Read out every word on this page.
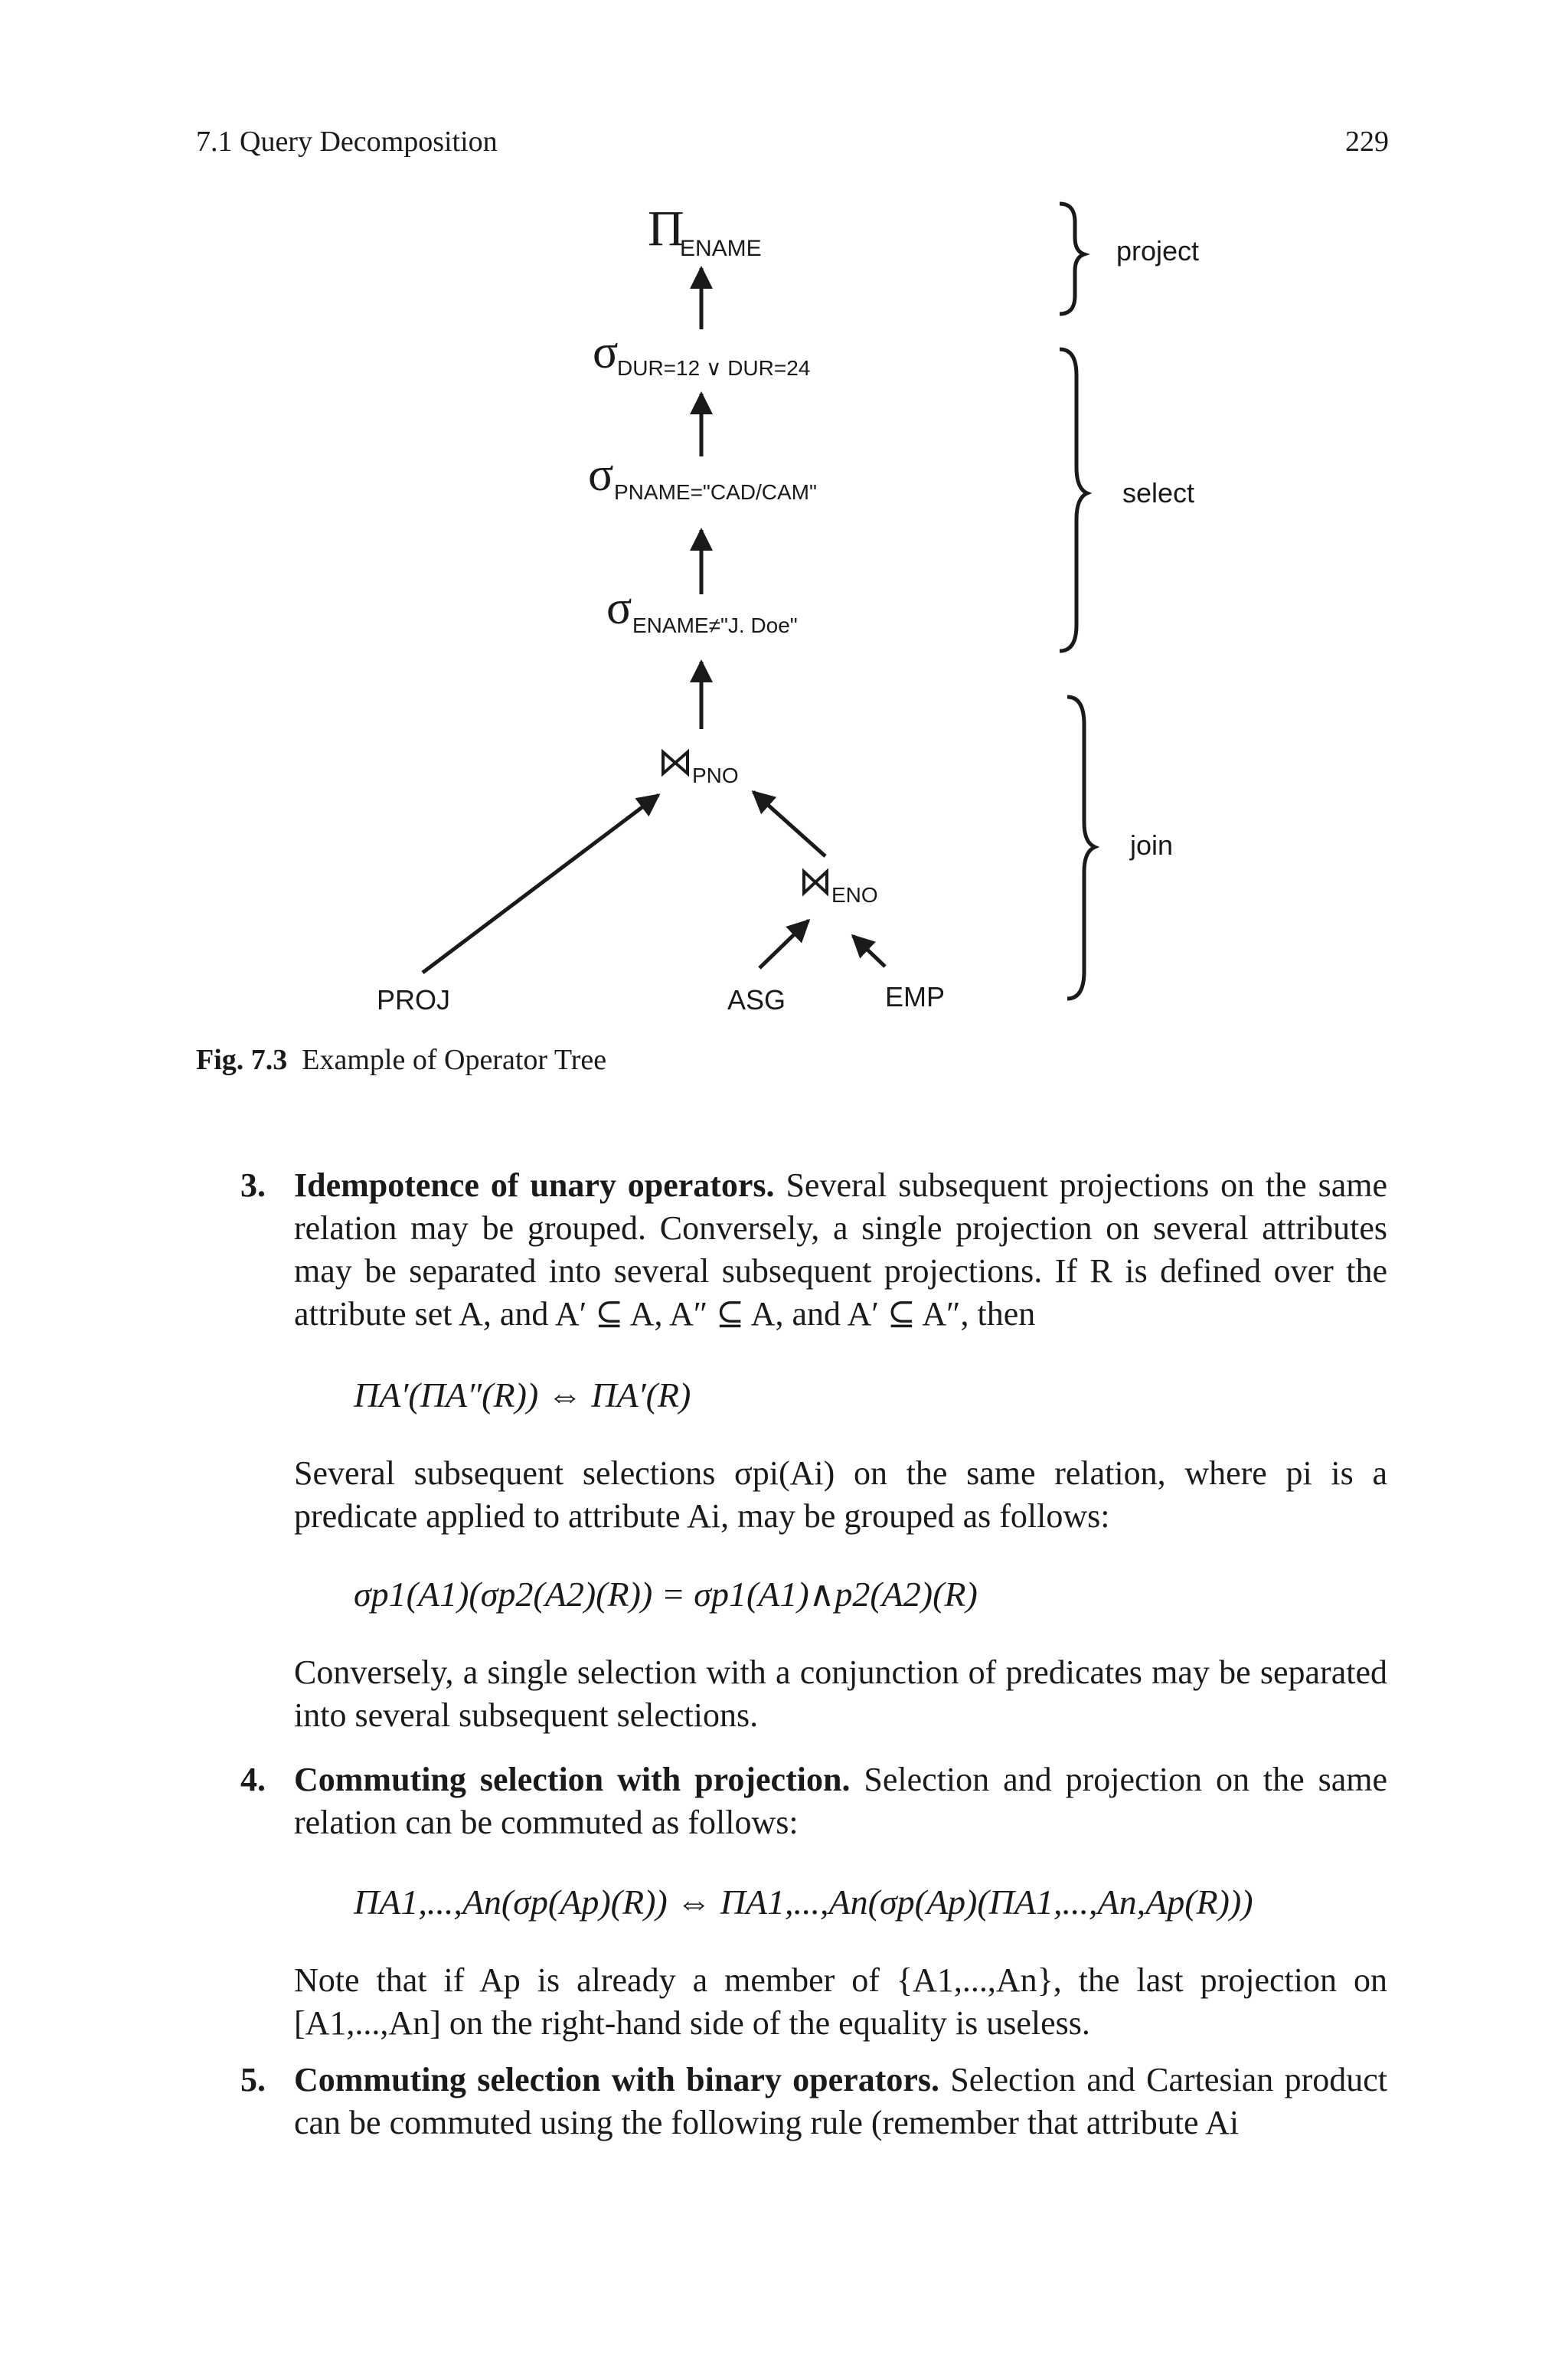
7.1 Query Decomposition	229
Π
ENAME
σ
DUR=12 ∨ DUR=24
σ PNAME="CAD/CAM"
σ ENAME≠"J. Doe"
PNO
ENO
PROJ	ASG	EMP
project
select
join
Fig. 7.3 Example of Operator Tree
3. Idempotence of unary operators. Several subsequent projections on the same relation may be grouped. Conversely, a single projection on several attributes may be separated into several subsequent projections. If R is defined over the attribute set A, and A′ ⊆ A, A″ ⊆ A, and A′ ⊆ A″, then
ΠA′(ΠA″(R)) ⇔ ΠA′(R)
Several subsequent selections σpi(Ai) on the same relation, where pi is a predicate applied to attribute Ai, may be grouped as follows:
σp1(A1)(σp2(A2)(R)) = σp1(A1)∧p2(A2)(R)
Conversely, a single selection with a conjunction of predicates may be separated into several subsequent selections.
4. Commuting selection with projection. Selection and projection on the same relation can be commuted as follows:
ΠA1,...,An(σp(Ap)(R)) ⇔ ΠA1,...,An(σp(Ap)(ΠA1,...,An,Ap(R)))
Note that if Ap is already a member of {A1,...,An}, the last projection on [A1,...,An] on the right-hand side of the equality is useless.
5. Commuting selection with binary operators. Selection and Cartesian product can be commuted using the following rule (remember that attribute Ai
